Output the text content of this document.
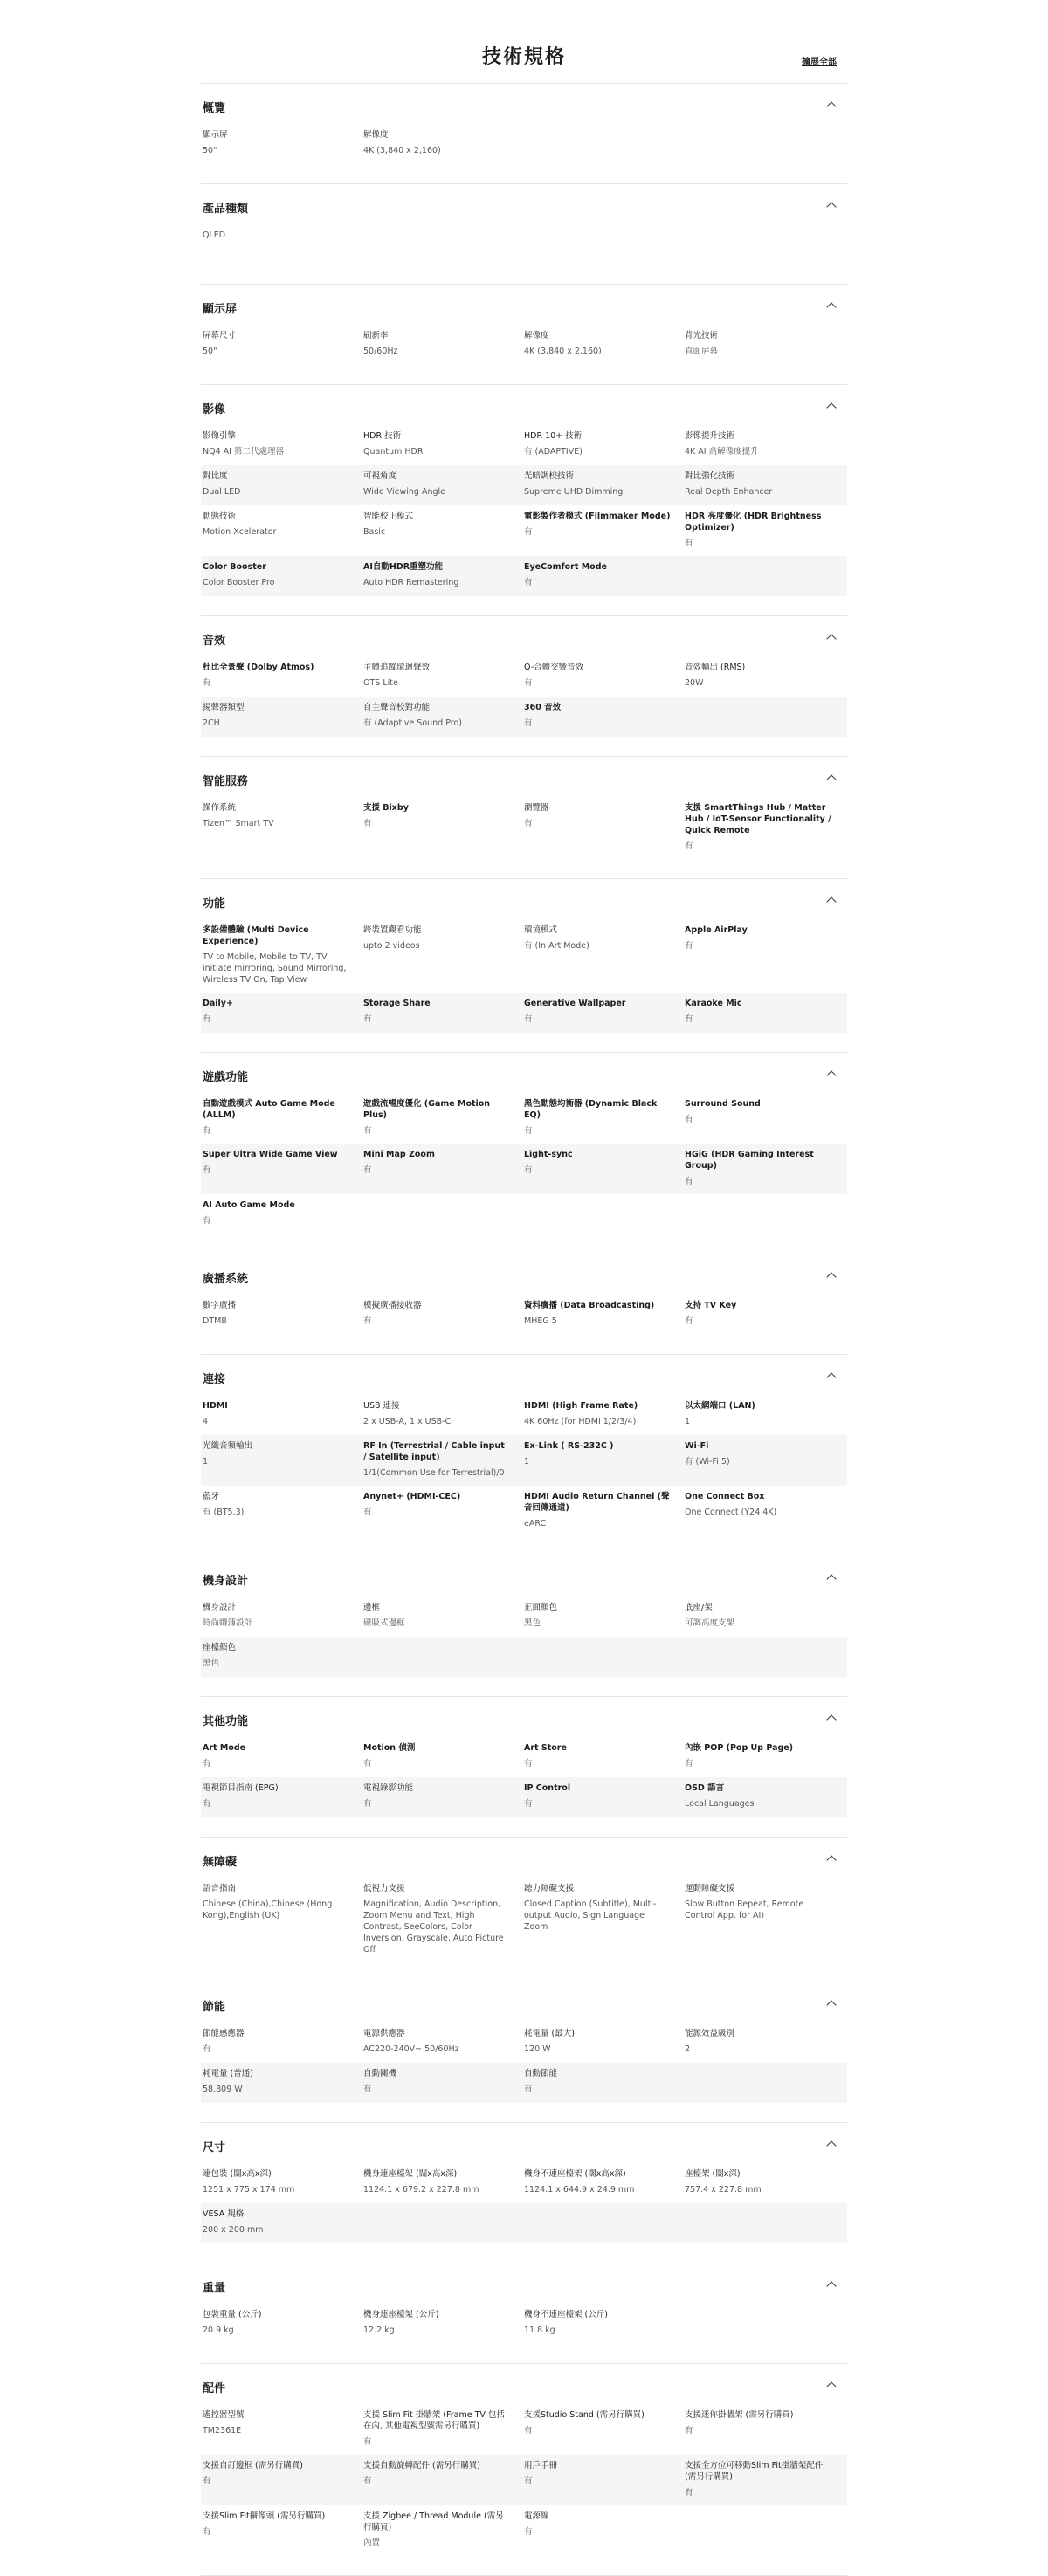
技術規格	擴展全部
概覽
顯示屏
50"
解像度
4K (3,840 x 2,160)
產品種類
QLED
顯示屏
屏幕尺寸
50"
刷新率
50/60Hz
解像度
4K (3,840 x 2,160)
背光技術
直面屏幕
影像
影像引擎
NQ4 AI 第二代處理器
HDR 技術
Quantum HDR
HDR 10+ 技術
有 (ADAPTIVE)
影像提升技術
4K AI 高解像度提升
對比度
Dual LED
可視角度
Wide Viewing Angle
光暗調校技術
Supreme UHD Dimming
對比強化技術
Real Depth Enhancer
動態技術
Motion Xcelerator
智能校正模式
Basic
電影製作者模式 (Filmmaker Mode)
有
HDR 亮度優化 (HDR Brightness Optimizer)
有
Color Booster
Color Booster Pro
AI自動HDR重塑功能
Auto HDR Remastering
EyeComfort Mode
有
音效
杜比全景聲 (Dolby Atmos)
有
主體追蹤環迴聲效
OTS Lite
Q-合體交響音效
有
音效輸出 (RMS)
20W
揚聲器類型
2CH
自主聲音校對功能
有 (Adaptive Sound Pro)
360 音效
有
智能服務
操作系統
Tizen™ Smart TV
支援 Bixby
有
瀏覽器
有
支援 SmartThings Hub / Matter Hub / IoT-Sensor Functionality / Quick Remote
有
功能
多設備體驗 (Multi Device Experience)
TV to Mobile, Mobile to TV, TV initiate mirroring, Sound Mirroring, Wireless TV On, Tap View
跨裝置觀看功能
upto 2 videos
環境模式
有 (In Art Mode)
Apple AirPlay
有
Daily+
有
Storage Share
有
Generative Wallpaper
有
Karaoke Mic
有
遊戲功能
自動遊戲模式 Auto Game Mode (ALLM)
有
遊戲流暢度優化 (Game Motion Plus)
有
黑色動態均衡器 (Dynamic Black EQ)
有
Surround Sound
有
Super Ultra Wide Game View
有
Mini Map Zoom
有
Light-sync
有
HGiG (HDR Gaming Interest Group)
有
AI Auto Game Mode
有
廣播系統
數字廣播
DTMB
模擬廣播接收器
有
資料廣播 (Data Broadcasting)
MHEG 5
支持 TV Key
有
連接
HDMI
4
USB 連接
2 x USB-A, 1 x USB-C
HDMI (High Frame Rate)
4K 60Hz (for HDMI 1/2/3/4)
以太網端口 (LAN)
1
光纖音頻輸出
1
RF In (Terrestrial / Cable input / Satellite input)
1/1(Common Use for Terrestrial)/0
Ex-Link ( RS-232C )
1
Wi-Fi
有 (Wi-Fi 5)
藍牙
有 (BT5.3)
Anynet+ (HDMI-CEC)
有
HDMI Audio Return Channel (聲音回傳通道)
eARC
One Connect Box
One Connect (Y24 4K)
機身設計
機身設計
時尚纖薄設計
邊框
磁吸式邊框
正面顏色
黑色
底座/架
可調高度支架
座檯顏色
黑色
其他功能
Art Mode
有
Motion 偵測
有
Art Store
有
內嵌 POP (Pop Up Page)
有
電視節目指南 (EPG)
有
電視錄影功能
有
IP Control
有
OSD 語言
Local Languages
無障礙
語音指南
Chinese (China),Chinese (Hong Kong),English (UK)
低視力支援
Magnification, Audio Description, Zoom Menu and Text, High Contrast, SeeColors, Color Inversion, Grayscale, Auto Picture Off
聽力障礙支援
Closed Caption (Subtitle), Multi-output Audio, Sign Language Zoom
運動障礙支援
Slow Button Repeat, Remote Control App. for AI)
節能
節能感應器
有
電源供應器
AC220-240V~ 50/60Hz
耗電量 (最大)
120 W
能源效益級別
2
耗電量 (普通)
58.809 W
自動關機
有
自動節能
有
尺寸
連包裝 (闊x高x深)
1251 x 775 x 174 mm
機身連座檯架 (闊x高x深)
1124.1 x 679.2 x 227.8 mm
機身不連座檯架 (闊x高x深)
1124.1 x 644.9 x 24.9 mm
座檯架 (闊x深)
757.4 x 227.8 mm
VESA 規格
200 x 200 mm
重量
包裝重量 (公斤)
20.9 kg
機身連座檯架 (公斤)
12.2 kg
機身不連座檯架 (公斤)
11.8 kg
配件
遙控器型號
TM2361E
支援 Slim Fit 掛牆架 (Frame TV 包括在內, 其他電視型號需另行購買)
有
支援Studio Stand (需另行購買)
有
支援迷你掛牆架 (需另行購買)
有
支援自訂邊框 (需另行購買)
有
支援自動旋轉配件 (需另行購買)
有
用戶手冊
有
支援全方位可移動Slim Fit掛牆架配件 (需另行購買)
有
支援Slim Fit攝像頭 (需另行購買)
有
支援 Zigbee / Thread Module (需另行購買)
內置
電源線
有
